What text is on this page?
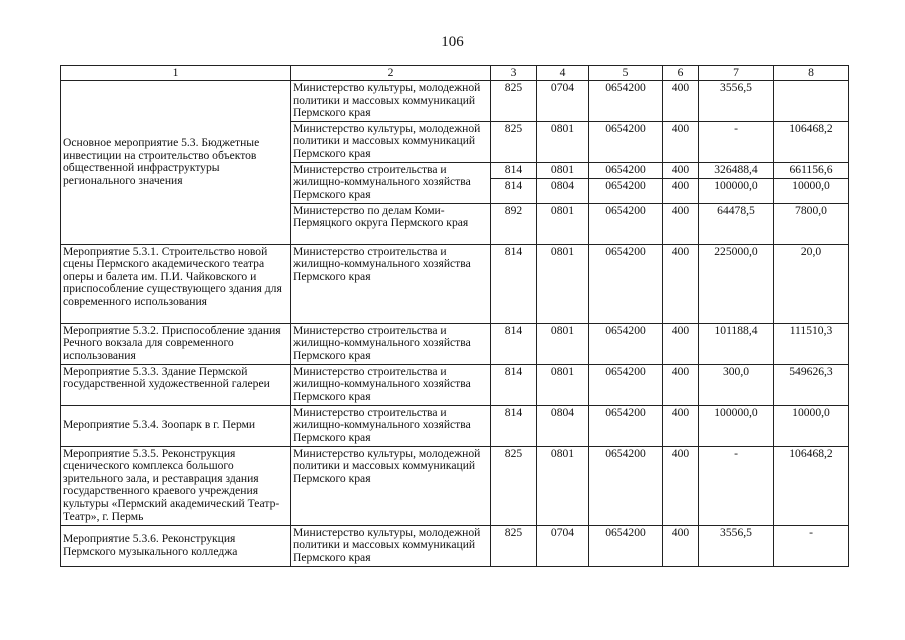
106
1	2	3	4	5	6	7	8
Основное мероприятие 5.3. Бюджетные инвестиции на строительство объектов общественной инфраструктуры регионального значения	Министерство культуры, молодежной политики и массовых коммуникаций Пермского края	825	0704	0654200	400	3556,5	
	Министерство культуры, молодежной политики и массовых коммуникаций Пермского края	825	0801	0654200	400	-	106468,2
	Министерство строительства и жилищно-коммунального хозяйства Пермского края	814	0801	0654200	400	326488,4	661156,6
		814	0804	0654200	400	100000,0	10000,0
	Министерство по делам Коми-Пермяцкого округа Пермского края	892	0801	0654200	400	64478,5	7800,0
Мероприятие 5.3.1. Строительство новой сцены Пермского академического театра оперы и балета им. П.И. Чайковского и приспособление существующего здания для современного использования	Министерство строительства и жилищно-коммунального хозяйства Пермского края	814	0801	0654200	400	225000,0	20,0
Мероприятие 5.3.2. Приспособление здания Речного вокзала для современного использования	Министерство строительства и жилищно-коммунального хозяйства Пермского края	814	0801	0654200	400	101188,4	111510,3
Мероприятие 5.3.3. Здание Пермской государственной художественной галереи	Министерство строительства и жилищно-коммунального хозяйства Пермского края	814	0801	0654200	400	300,0	549626,3
Мероприятие 5.3.4. Зоопарк в г. Перми	Министерство строительства и жилищно-коммунального хозяйства Пермского края	814	0804	0654200	400	100000,0	10000,0
Мероприятие 5.3.5. Реконструкция сценического комплекса большого зрительного зала, и реставрация здания государственного краевого учреждения культуры «Пермский академический Театр-Театр», г. Пермь	Министерство культуры, молодежной политики и массовых коммуникаций Пермского края	825	0801	0654200	400	-	106468,2
Мероприятие 5.3.6. Реконструкция Пермского музыкального колледжа	Министерство культуры, молодежной политики и массовых коммуникаций Пермского края	825	0704	0654200	400	3556,5	-
